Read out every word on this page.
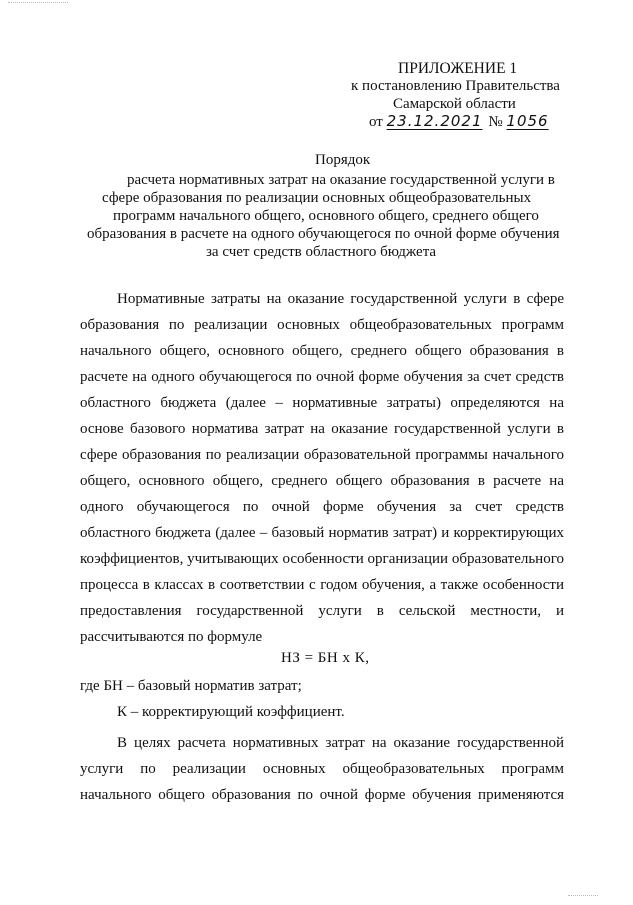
ПРИЛОЖЕНИЕ 1
к постановлению Правительства
Самарской области
от 23.12.2021 № 1056
Порядок
расчета нормативных затрат на оказание государственной услуги в
сфере образования по реализации основных общеобразовательных
программ начального общего, основного общего, среднего общего
образования в расчете на одного обучающегося по очной форме обучения
за счет средств областного бюджета
Нормативные затраты на оказание государственной услуги в сфере
образования по реализации основных общеобразовательных программ
начального общего, основного общего, среднего общего образования в
расчете на одного обучающегося по очной форме обучения за счет средств
областного бюджета (далее – нормативные затраты) определяются на
основе базового норматива затрат на оказание государственной услуги в
сфере образования по реализации образовательной программы начального
общего, основного общего, среднего общего образования в расчете на
одного обучающегося по очной форме обучения за счет средств
областного бюджета (далее – базовый норматив затрат) и корректирующих
коэффициентов, учитывающих особенности организации образовательного
процесса в классах в соответствии с годом обучения, а также особенности
предоставления государственной услуги в сельской местности, и
рассчитываются по формуле
НЗ = БН х К,
где БН – базовый норматив затрат;
К – корректирующий коэффициент.
В целях расчета нормативных затрат на оказание государственной
услуги по реализации основных общеобразовательных программ
начального общего образования по очной форме обучения применяются
